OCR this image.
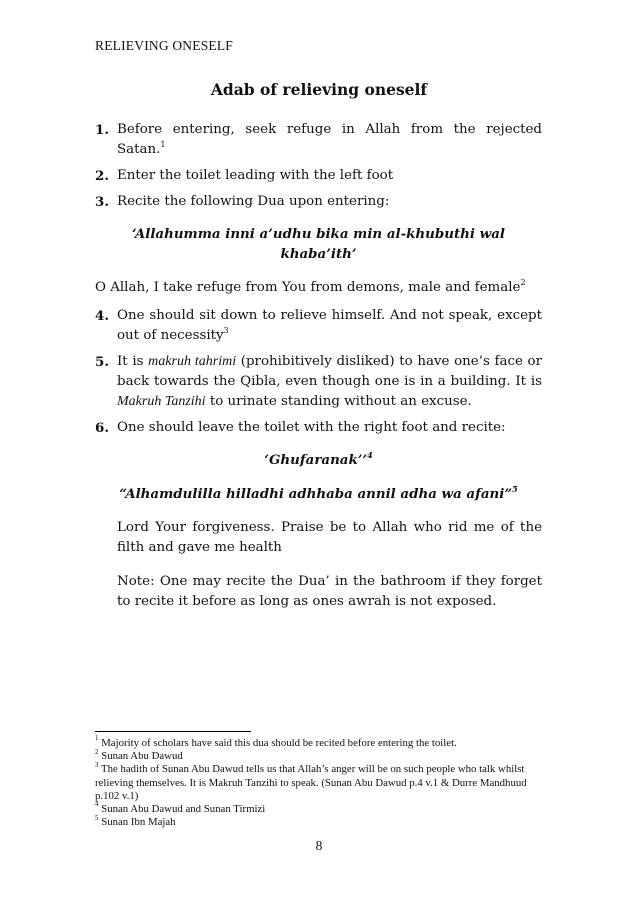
RELIEVING ONESELF
Adab of relieving oneself
1. Before entering, seek refuge in Allah from the rejected Satan.$^1$
2. Enter the toilet leading with the left foot
3. Recite the following Dua upon entering:
‘Allahumma inni a’udhu bika min al-khubuthi wal khaba’ith’
O Allah, I take refuge from You from demons, male and female$^2$
4. One should sit down to relieve himself. And not speak, except out of necessity$^3$
5. It is makruh tahrimi (prohibitively disliked) to have one’s face or back towards the Qibla, even though one is in a building. It is Makruh Tanzihi to urinate standing without an excuse.
6. One should leave the toilet with the right foot and recite:
‘Ghufaranak’’$^4$
“Alhamdulilla hilladhi adhhaba annil adha wa afani”$^5$
Lord Your forgiveness. Praise be to Allah who rid me of the filth and gave me health
Note: One may recite the Dua’ in the bathroom if they forget to recite it before as long as ones awrah is not exposed.
$^1$ Majority of scholars have said this dua should be recited before entering the toilet.
$^2$ Sunan Abu Dawud
$^3$ The hadith of Sunan Abu Dawud tells us that Allah’s anger will be on such people who talk whilst relieving themselves. It is Makruh Tanzihi to speak. (Sunan Abu Dawud p.4 v.1 & Durre Mandhuud p.102 v.1)
$^4$ Sunan Abu Dawud and Sunan Tirmizi
$^5$ Sunan Ibn Majah
8
